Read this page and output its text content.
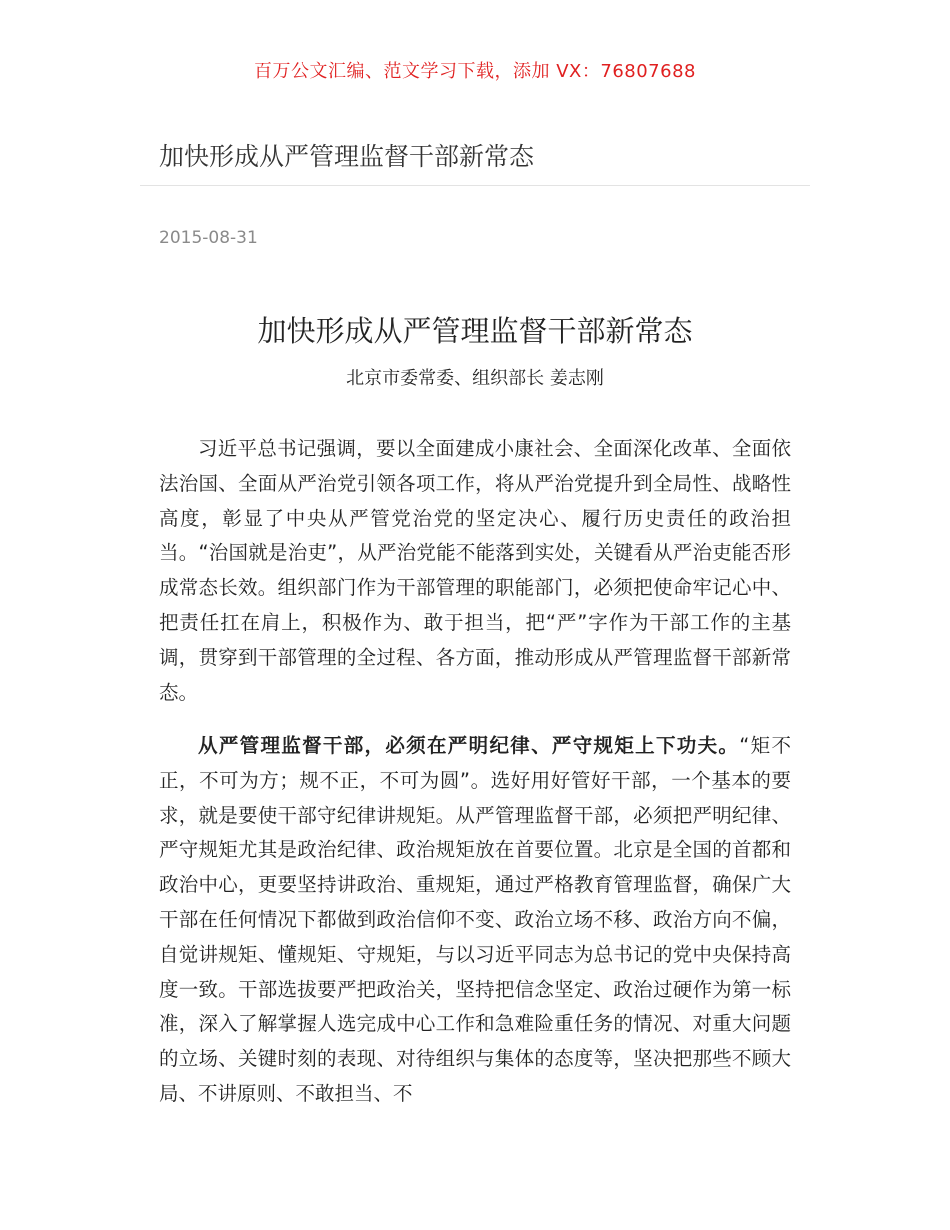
百万公文汇编、范文学习下载，添加 VX：76807688
加快形成从严管理监督干部新常态
2015-08-31
加快形成从严管理监督干部新常态
北京市委常委、组织部长 姜志刚

习近平总书记强调，要以全面建成小康社会、全面深化改革、全面依法治国、全面从严治党引领各项工作，将从严治党提升到全局性、战略性高度，彰显了中央从严管党治党的坚定决心、履行历史责任的政治担当。“治国就是治吏”，从严治党能不能落到实处，关键看从严治吏能否形成常态长效。组织部门作为干部管理的职能部门，必须把使命牢记心中、把责任扛在肩上，积极作为、敢于担当，把“严”字作为干部工作的主基调，贯穿到干部管理的全过程、各方面，推动形成从严管理监督干部新常态。

从严管理监督干部，必须在严明纪律、严守规矩上下功夫。“矩不正，不可为方；规不正，不可为圆”。选好用好管好干部，一个基本的要求，就是要使干部守纪律讲规矩。从严管理监督干部，必须把严明纪律、严守规矩尤其是政治纪律、政治规矩放在首要位置。北京是全国的首都和政治中心，更要坚持讲政治、重规矩，通过严格教育管理监督，确保广大干部在任何情况下都做到政治信仰不变、政治立场不移、政治方向不偏，自觉讲规矩、懂规矩、守规矩，与以习近平同志为总书记的党中央保持高度一致。干部选拔要严把政治关，坚持把信念坚定、政治过硬作为第一标准，深入了解掌握人选完成中心工作和急难险重任务的情况、对重大问题的立场、关键时刻的表现、对待组织与集体的态度等，坚决把那些不顾大局、不讲原则、不敢担当、不
